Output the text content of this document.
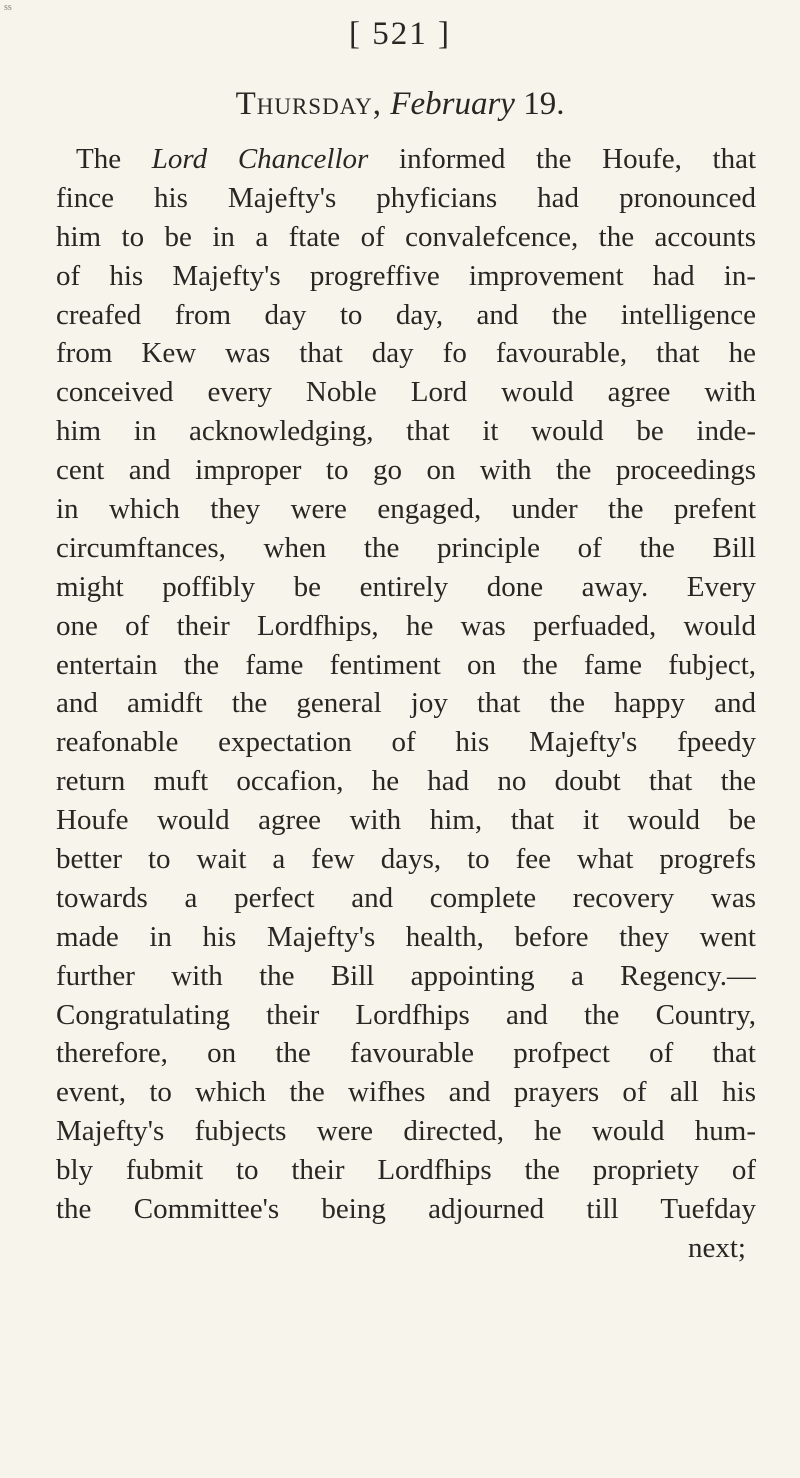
ss
[ 521 ]
Thursday, February 19.
The Lord Chancellor informed the Houfe, that
fince his Majefty's phyficians had pronounced
him to be in a ftate of convalefcence, the accounts
of his Majefty's progreffive improvement had in-
creafed from day to day, and the intelligence
from Kew was that day fo favourable, that he
conceived every Noble Lord would agree with
him in acknowledging, that it would be inde-
cent and improper to go on with the proceedings
in which they were engaged, under the prefent
circumftances, when the principle of the Bill
might poffibly be entirely done away. Every
one of their Lordfhips, he was perfuaded, would
entertain the fame fentiment on the fame fubject,
and amidft the general joy that the happy and
reafonable expectation of his Majefty's fpeedy
return muft occafion, he had no doubt that the
Houfe would agree with him, that it would be
better to wait a few days, to fee what progrefs
towards a perfect and complete recovery was
made in his Majefty's health, before they went
further with the Bill appointing a Regency.—
Congratulating their Lordfhips and the Country,
therefore, on the favourable profpect of that
event, to which the wifhes and prayers of all his
Majefty's fubjects were directed, he would hum-
bly fubmit to their Lordfhips the propriety of
the Committee's being adjourned till Tuefday
next;
